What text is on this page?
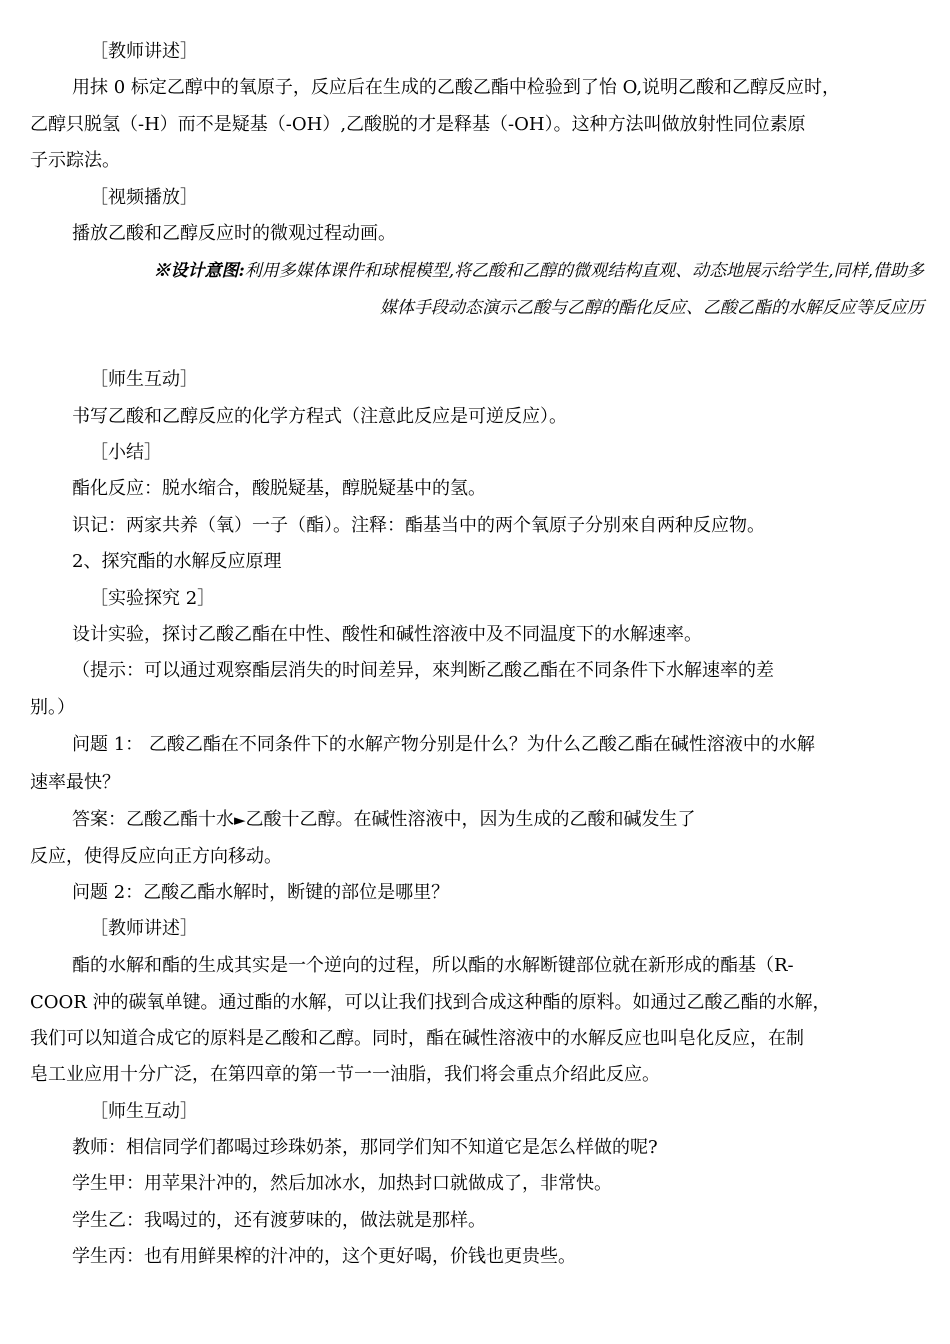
［教师讲述］
用抹 0 标定乙醇中的氧原子，反应后在生成的乙酸乙酯中检验到了怡 O,说明乙酸和乙醇反应时，
乙醇只脱氢（-H）而不是疑基（-OH）,乙酸脱的才是释基（-OH）。这种方法叫做放射性同位素原
子示踪法。
［视频播放］
播放乙酸和乙醇反应时的微观过程动画。
※设计意图:利用多媒体课件和球棍模型,将乙酸和乙醇的微观结构直观、动态地展示给学生,同样,借助多
媒体手段动态演示乙酸与乙醇的酯化反应、乙酸乙酯的水解反应等反应历
［师生互动］
书写乙酸和乙醇反应的化学方程式（注意此反应是可逆反应）。
［小结］
酯化反应：脱水缩合，酸脱疑基，醇脱疑基中的氢。
识记：两家共养（氧）一子（酯）。注释：酯基当中的两个氧原子分别來自两种反应物。
2、探究酯的水解反应原理
［实验探究 2］
设计实验，探讨乙酸乙酯在中性、酸性和碱性溶液中及不同温度下的水解速率。
（提示：可以通过观察酯层消失的时间差异，來判断乙酸乙酯在不同条件下水解速率的差
别。）
问题 1： 乙酸乙酯在不同条件下的水解产物分别是什么？为什么乙酸乙酯在碱性溶液中的水解
速率最快？
答案：乙酸乙酯十水►乙酸十乙醇。在碱性溶液中，因为生成的乙酸和碱发生了
反应，使得反应向正方向移动。
问题 2：乙酸乙酯水解时，断键的部位是哪里？
［教师讲述］
酯的水解和酯的生成其实是一个逆向的过程，所以酯的水解断键部位就在新形成的酯基（R-
COOR 沖的碳氧单键。通过酯的水解，可以让我们找到合成这种酯的原料。如通过乙酸乙酯的水解，
我们可以知道合成它的原料是乙酸和乙醇。同时，酯在碱性溶液中的水解反应也叫皂化反应，在制
皂工业应用十分广泛，在第四章的第一节一一油脂，我们将会重点介绍此反应。
［师生互动］
教师：相信同学们都喝过珍珠奶茶，那同学们知不知道它是怎么样做的呢?
学生甲：用苹果汁冲的，然后加冰水，加热封口就做成了，非常快。
学生乙：我喝过的，还有渡萝味的，做法就是那样。
学生丙：也有用鲜果榨的汁冲的，这个更好喝，价钱也更贵些。
